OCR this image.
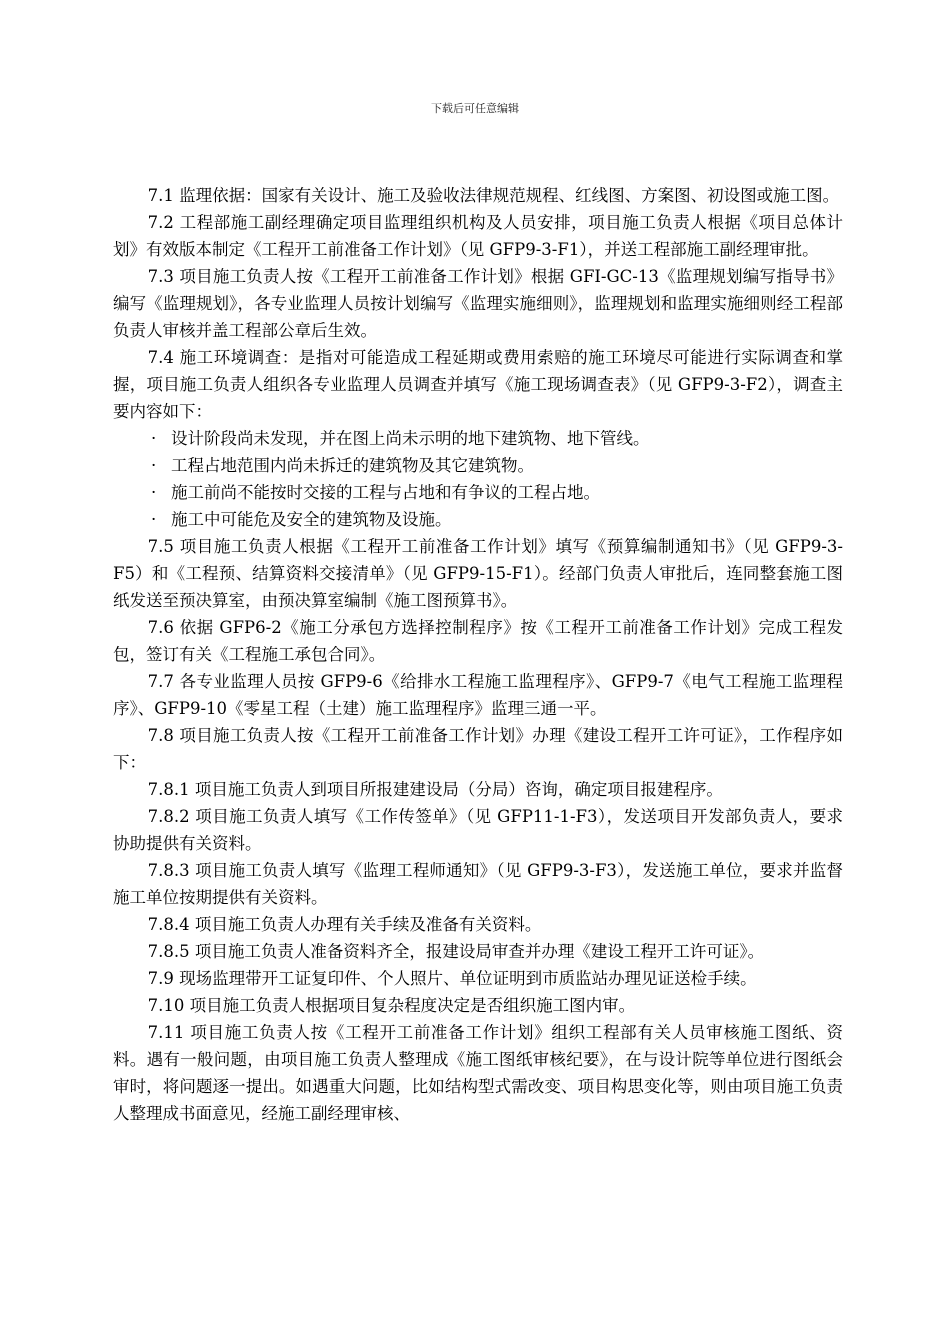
下载后可任意编辑

7.1 监理依据：国家有关设计、施工及验收法律规范规程、红线图、方案图、初设图或施工图。

7.2 工程部施工副经理确定项目监理组织机构及人员安排，项目施工负责人根据《项目总体计划》有效版本制定《工程开工前准备工作计划》（见 GFP9-3-F1），并送工程部施工副经理审批。

7.3 项目施工负责人按《工程开工前准备工作计划》根据 GFI-GC-13《监理规划编写指导书》编写《监理规划》，各专业监理人员按计划编写《监理实施细则》，监理规划和监理实施细则经工程部负责人审核并盖工程部公章后生效。

7.4 施工环境调查：是指对可能造成工程延期或费用索赔的施工环境尽可能进行实际调查和掌握，项目施工负责人组织各专业监理人员调查并填写《施工现场调查表》（见 GFP9-3-F2），调查主要内容如下：

· 设计阶段尚未发现，并在图上尚未示明的地下建筑物、地下管线。

· 工程占地范围内尚未拆迁的建筑物及其它建筑物。

· 施工前尚不能按时交接的工程与占地和有争议的工程占地。

· 施工中可能危及安全的建筑物及设施。

7.5 项目施工负责人根据《工程开工前准备工作计划》填写《预算编制通知书》（见 GFP9-3-F5）和《工程预、结算资料交接清单》（见 GFP9-15-F1）。经部门负责人审批后，连同整套施工图纸发送至预决算室，由预决算室编制《施工图预算书》。

7.6 依据 GFP6-2《施工分承包方选择控制程序》按《工程开工前准备工作计划》完成工程发包，签订有关《工程施工承包合同》。

7.7 各专业监理人员按 GFP9-6《给排水工程施工监理程序》、GFP9-7《电气工程施工监理程序》、GFP9-10《零星工程（土建）施工监理程序》监理三通一平。

7.8 项目施工负责人按《工程开工前准备工作计划》办理《建设工程开工许可证》，工作程序如下：

7.8.1 项目施工负责人到项目所报建建设局（分局）咨询，确定项目报建程序。

7.8.2 项目施工负责人填写《工作传签单》（见 GFP11-1-F3），发送项目开发部负责人，要求协助提供有关资料。

7.8.3 项目施工负责人填写《监理工程师通知》（见 GFP9-3-F3），发送施工单位，要求并监督施工单位按期提供有关资料。

7.8.4 项目施工负责人办理有关手续及准备有关资料。

7.8.5 项目施工负责人准备资料齐全，报建设局审查并办理《建设工程开工许可证》。

7.9 现场监理带开工证复印件、个人照片、单位证明到市质监站办理见证送检手续。

7.10 项目施工负责人根据项目复杂程度决定是否组织施工图内审。

7.11 项目施工负责人按《工程开工前准备工作计划》组织工程部有关人员审核施工图纸、资料。遇有一般问题，由项目施工负责人整理成《施工图纸审核纪要》，在与设计院等单位进行图纸会审时，将问题逐一提出。如遇重大问题，比如结构型式需改变、项目构思变化等，则由项目施工负责人整理成书面意见，经施工副经理审核、
